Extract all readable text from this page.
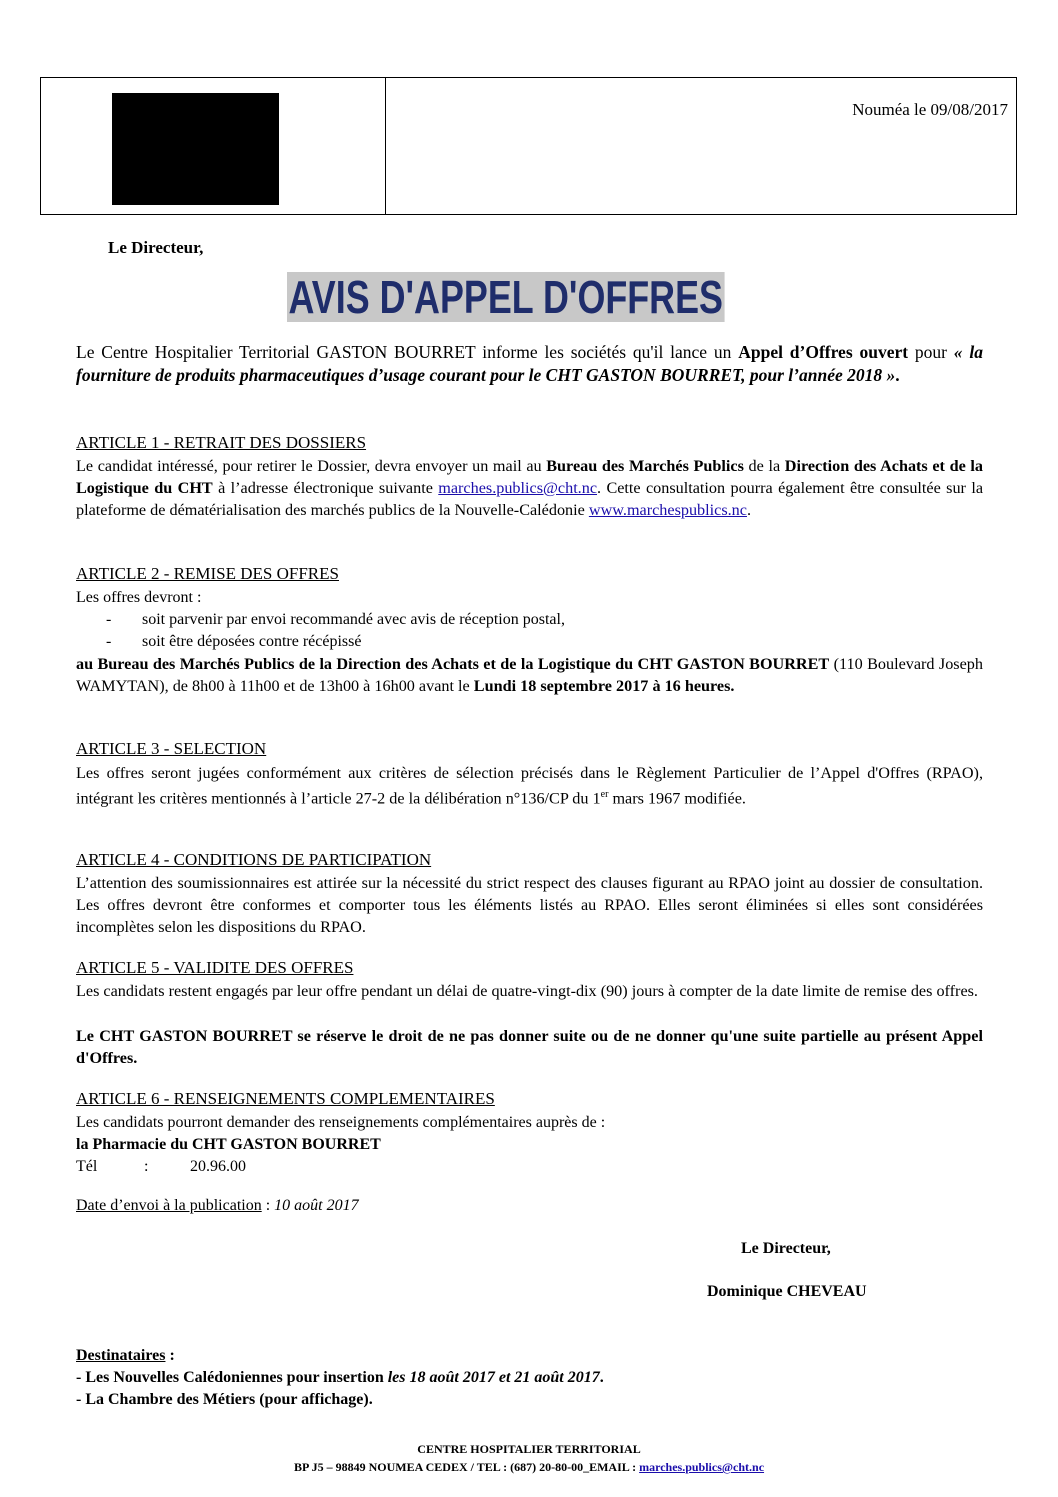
Nouméa le 09/08/2017
Le Directeur,
AVIS D'APPEL D'OFFRES
Le Centre Hospitalier Territorial GASTON BOURRET informe les sociétés qu'il lance un Appel d’Offres ouvert pour « la fourniture de produits pharmaceutiques d’usage courant pour le CHT GASTON BOURRET, pour l’année 2018 ».
ARTICLE 1 - RETRAIT DES DOSSIERS
Le candidat intéressé, pour retirer le Dossier, devra envoyer un mail au Bureau des Marchés Publics de la Direction des Achats et de la Logistique du CHT à l’adresse électronique suivante marches.publics@cht.nc. Cette consultation pourra également être consultée sur la plateforme de dématérialisation des marchés publics de la Nouvelle-Calédonie www.marchespublics.nc.
ARTICLE 2 - REMISE DES OFFRES
Les offres devront :
- soit parvenir par envoi recommandé avec avis de réception postal,
- soit être déposées contre récépissé
au Bureau des Marchés Publics de la Direction des Achats et de la Logistique du CHT GASTON BOURRET (110 Boulevard Joseph WAMYTAN), de 8h00 à 11h00 et de 13h00 à 16h00 avant le Lundi 18 septembre 2017 à 16 heures.
ARTICLE 3 - SELECTION
Les offres seront jugées conformément aux critères de sélection précisés dans le Règlement Particulier de l’Appel d'Offres (RPAO), intégrant les critères mentionnés à l’article 27-2 de la délibération n°136/CP du 1er mars 1967 modifiée.
ARTICLE 4 - CONDITIONS DE PARTICIPATION
L’attention des soumissionnaires est attirée sur la nécessité du strict respect des clauses figurant au RPAO joint au dossier de consultation. Les offres devront être conformes et comporter tous les éléments listés au RPAO. Elles seront éliminées si elles sont considérées incomplètes selon les dispositions du RPAO.
ARTICLE 5 - VALIDITE DES OFFRES
Les candidats restent engagés par leur offre pendant un délai de quatre-vingt-dix (90) jours à compter de la date limite de remise des offres.
Le CHT GASTON BOURRET se réserve le droit de ne pas donner suite ou de ne donner qu'une suite partielle au présent Appel d'Offres.
ARTICLE 6 - RENSEIGNEMENTS COMPLEMENTAIRES
Les candidats pourront demander des renseignements complémentaires auprès de :
la Pharmacie du CHT GASTON BOURRET
Tél	:	20.96.00
Date d’envoi à la publication : 10 août 2017
Le Directeur,
Dominique CHEVEAU
Destinataires :
- Les Nouvelles Calédoniennes pour insertion les 18 août 2017 et 21 août 2017.
- La Chambre des Métiers (pour affichage).
CENTRE HOSPITALIER TERRITORIAL
BP J5 – 98849 NOUMEA CEDEX / TEL : (687) 20-80-00_EMAIL : marches.publics@cht.nc
